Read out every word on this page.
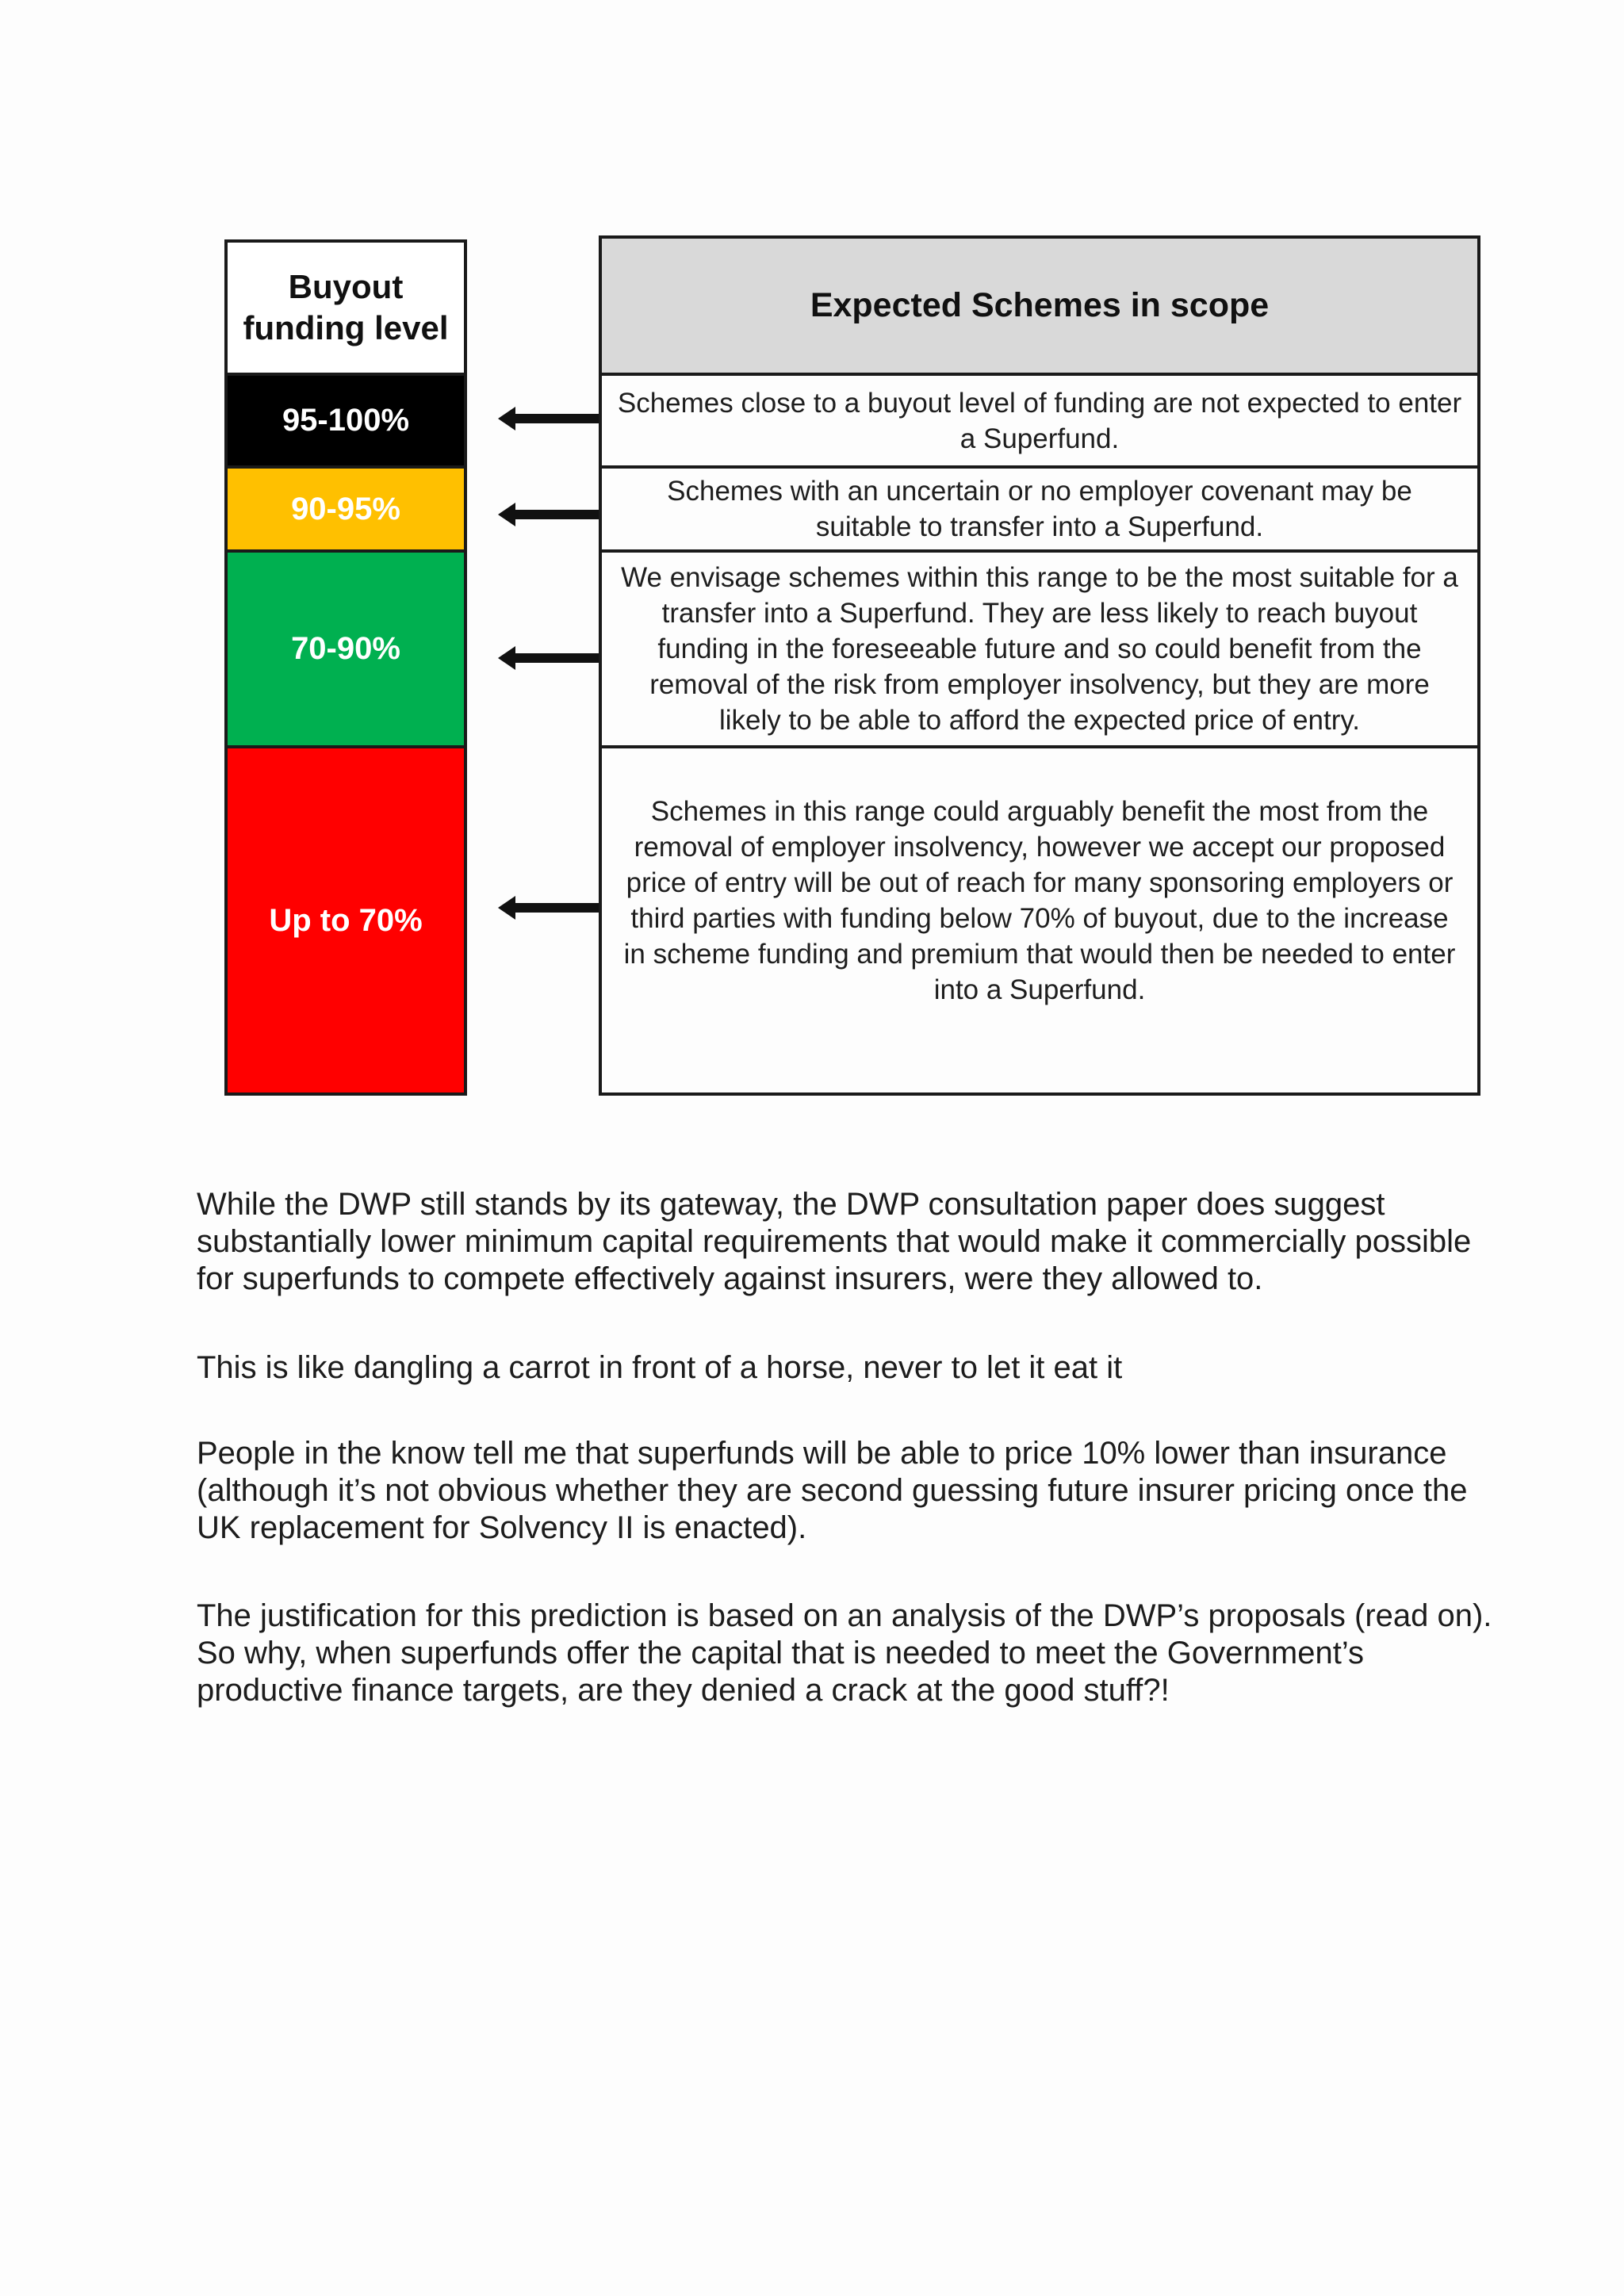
Buyout funding level
95-100%
90-95%
70-90%
Up to 70%
Expected Schemes in scope
Schemes close to a buyout level of funding are not expected to enter a Superfund.
Schemes with an uncertain or no employer covenant may be suitable to transfer into a Superfund.
We envisage schemes within this range to be the most suitable for a transfer into a Superfund. They are less likely to reach buyout funding in the foreseeable future and so could benefit from the removal of the risk from employer insolvency, but they are more likely to be able to afford the expected price of entry.
Schemes in this range could arguably benefit the most from the removal of employer insolvency, however we accept our proposed price of entry will be out of reach for many sponsoring employers or third parties with funding below 70% of buyout, due to the increase in scheme funding and premium that would then be needed to enter into a Superfund.

While the DWP still stands by its gateway, the DWP consultation paper does suggest substantially lower minimum capital requirements that would make it commercially possible for superfunds to compete effectively against insurers, were they allowed to.

This is like dangling a carrot in front of a horse, never to let it eat it

People in the know tell me that superfunds will be able to price 10% lower than insurance (although it’s not obvious whether they are second guessing future insurer pricing once the UK replacement for Solvency II is enacted).

The justification for this prediction is based on an analysis of the DWP’s proposals (read on). So why, when superfunds offer the capital that is needed to meet the Government’s productive finance targets, are they denied a crack at the good stuff?!
